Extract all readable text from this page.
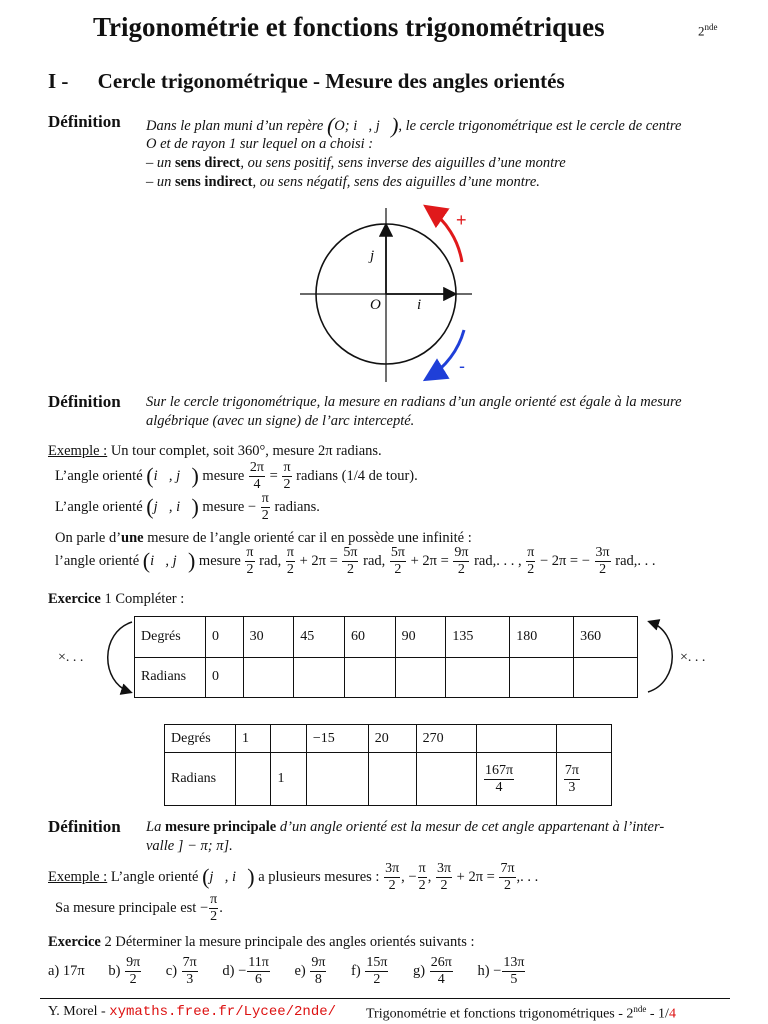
Trigonométrie et fonctions trigonométriques	2nde
I - Cercle trigonométrique - Mesure des angles orientés
Définition Dans le plan muni d’un repère (O; i⃗, j⃗), le cercle trigonométrique est le cercle de centre
O et de rayon 1 sur lequel on a choisi :
– un sens direct, ou sens positif, sens inverse des aiguilles d’une montre
– un sens indirect, ou sens négatif, sens des aiguilles d’une montre.
j⃗
O i⃗
+
-
Définition Sur le cercle trigonométrique, la mesure en radians d’un angle orienté est égale à la mesure
algébrique (avec un signe) de l’arc intercepté.
Exemple : Un tour complet, soit 360°, mesure 2π radians.
L’angle orienté (i⃗, j⃗) mesure $\frac{2\pi}{4} = \frac{\pi}{2}$ radians (1/4 de tour).
L’angle orienté (j⃗, i⃗) mesure − $\frac{\pi}{2}$ radians.
On parle d’une mesure de l’angle orienté car il en possède une infinité :
l’angle orienté (i⃗, j⃗) mesure $\frac{\pi}{2}$ rad, $\frac{\pi}{2} + 2\pi = \frac{5\pi}{2}$ rad, $\frac{5\pi}{2} + 2\pi = \frac{9\pi}{2}$ rad,. . . , $\frac{\pi}{2} - 2\pi$ = − $\frac{3\pi}{2}$ rad,. . .
Exercice 1 Compléter :
×. . .	×. . .
Degrés	0	30	45	60	90	135	180	360
Radians	0							
Degrés	1		−15	20	270		
Radians		1				$\frac{167\pi}{4}$	$\frac{7\pi}{3}$
Définition La mesure principale d’un angle orienté est la mesur de cet angle appartenant à l’inter-
valle ] − π; π].
Exemple : L’angle orienté (j⃗, i⃗) a plusieurs mesures : $\frac{3\pi}{2}$ , − $\frac{\pi}{2}$ , $\frac{3\pi}{2} + 2\pi = \frac{7\pi}{2}$ ,. . .
Sa mesure principale est − $\frac{\pi}{2}$ .
Exercice 2 Déterminer la mesure principale des angles orientés suivants :
a) 17π $b) \frac{9\pi}{2} c) \frac{7\pi}{3} d) - \frac{11\pi}{6} e) \frac{9\pi}{8} f) \frac{15\pi}{2} g) \frac{26\pi}{4} h) - \frac{13\pi}{5}$
Y. Morel - xymaths.free.fr/Lycee/2nde/ Trigonométrie et fonctions trigonométriques - 2nde - 1/4
